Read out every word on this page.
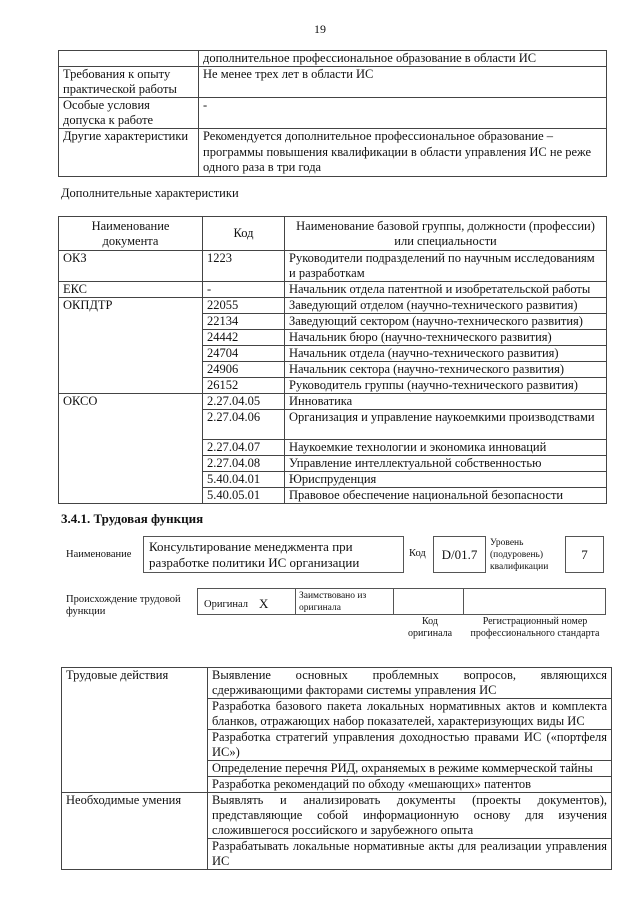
19
	дополнительное профессиональное образование в области ИС
Требования к опыту практической работы	Не менее трех лет в области ИС
Особые условия допуска к работе	-
Другие характеристики	Рекомендуется дополнительное профессиональное образование – программы повышения квалификации в области управления ИС не реже одного раза в три года
Дополнительные характеристики
Наименование документа	Код	Наименование базовой группы, должности (профессии) или специальности
ОКЗ	1223	Руководители подразделений по научным исследованиям и разработкам
ЕКС	-	Начальник отдела патентной и изобретательской работы
ОКПДТР	22055	Заведующий отделом (научно-технического развития)
	22134	Заведующий сектором (научно-технического развития)
	24442	Начальник бюро (научно-технического развития)
	24704	Начальник отдела (научно-технического развития)
	24906	Начальник сектора (научно-технического развития)
	26152	Руководитель группы (научно-технического развития)
ОКСО	2.27.04.05	Инноватика
	2.27.04.06	Организация и управление наукоемкими производствами
	2.27.04.07	Наукоемкие технологии и экономика инноваций
	2.27.04.08	Управление интеллектуальной собственностью
	5.40.04.01	Юриспруденция
	5.40.05.01	Правовое обеспечение национальной безопасности
3.4.1. Трудовая функция
Наименование
Консультирование менеджмента при разработке политики ИС организации
Код D/01.7
Уровень (подуровень) квалификации
7
Происхождение трудовой функции
Оригинал X	Заимствовано из оригинала
Код оригинала
Регистрационный номер профессионального стандарта
Трудовые действия	Выявление основных проблемных вопросов, являющихся сдерживающими факторами системы управления ИС
	Разработка базового пакета локальных нормативных актов и комплекта бланков, отражающих набор показателей, характеризующих виды ИС
	Разработка стратегий управления доходностью правами ИС («портфеля ИС»)
	Определение перечня РИД, охраняемых в режиме коммерческой тайны
	Разработка рекомендаций по обходу «мешающих» патентов
Необходимые умения	Выявлять и анализировать документы (проекты документов), представляющие собой информационную основу для изучения сложившегося российского и зарубежного опыта
	Разрабатывать локальные нормативные акты для реализации управления ИС
